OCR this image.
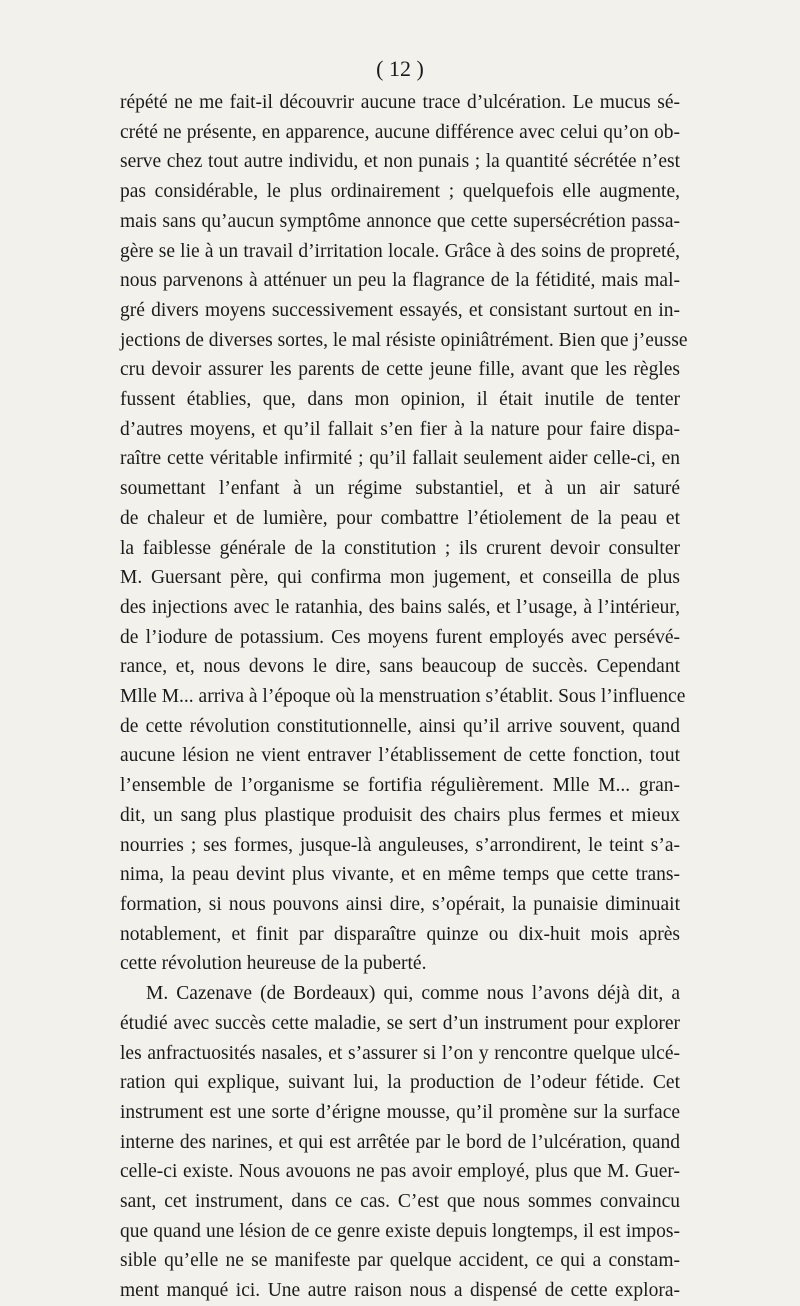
( 12 )
répété ne me fait-il découvrir aucune trace d’ulcération. Le mucus sé-
crété ne présente, en apparence, aucune différence avec celui qu’on ob-
serve chez tout autre individu, et non punais ; la quantité sécrétée n’est
pas considérable, le plus ordinairement ; quelquefois elle augmente,
mais sans qu’aucun symptôme annonce que cette supersécrétion passa-
gère se lie à un travail d’irritation locale. Grâce à des soins de propreté,
nous parvenons à atténuer un peu la flagrance de la fétidité, mais mal-
gré divers moyens successivement essayés, et consistant surtout en in-
jections de diverses sortes, le mal résiste opiniâtrément. Bien que j’eusse
cru devoir assurer les parents de cette jeune fille, avant que les règles
fussent établies, que, dans mon opinion, il était inutile de tenter
d’autres moyens, et qu’il fallait s’en fier à la nature pour faire dispa-
raître cette véritable infirmité ; qu’il fallait seulement aider celle-ci, en
soumettant l’enfant à un régime substantiel, et à un air saturé
de chaleur et de lumière, pour combattre l’étiolement de la peau et
la faiblesse générale de la constitution ; ils crurent devoir consulter
M. Guersant père, qui confirma mon jugement, et conseilla de plus
des injections avec le ratanhia, des bains salés, et l’usage, à l’intérieur,
de l’iodure de potassium. Ces moyens furent employés avec persévé-
rance, et, nous devons le dire, sans beaucoup de succès. Cependant
Mlle M... arriva à l’époque où la menstruation s’établit. Sous l’influence
de cette révolution constitutionnelle, ainsi qu’il arrive souvent, quand
aucune lésion ne vient entraver l’établissement de cette fonction, tout
l’ensemble de l’organisme se fortifia régulièrement. Mlle M... gran-
dit, un sang plus plastique produisit des chairs plus fermes et mieux
nourries ; ses formes, jusque-là anguleuses, s’arrondirent, le teint s’a-
nima, la peau devint plus vivante, et en même temps que cette trans-
formation, si nous pouvons ainsi dire, s’opérait, la punaisie diminuait
notablement, et finit par disparaître quinze ou dix-huit mois après
cette révolution heureuse de la puberté.
M. Cazenave (de Bordeaux) qui, comme nous l’avons déjà dit, a
étudié avec succès cette maladie, se sert d’un instrument pour explorer
les anfractuosités nasales, et s’assurer si l’on y rencontre quelque ulcé-
ration qui explique, suivant lui, la production de l’odeur fétide. Cet
instrument est une sorte d’érigne mousse, qu’il promène sur la surface
interne des narines, et qui est arrêtée par le bord de l’ulcération, quand
celle-ci existe. Nous avouons ne pas avoir employé, plus que M. Guer-
sant, cet instrument, dans ce cas. C’est que nous sommes convaincu
que quand une lésion de ce genre existe depuis longtemps, il est impos-
sible qu’elle ne se manifeste par quelque accident, ce qui a constam-
ment manqué ici. Une autre raison nous a dispensé de cette explora-
